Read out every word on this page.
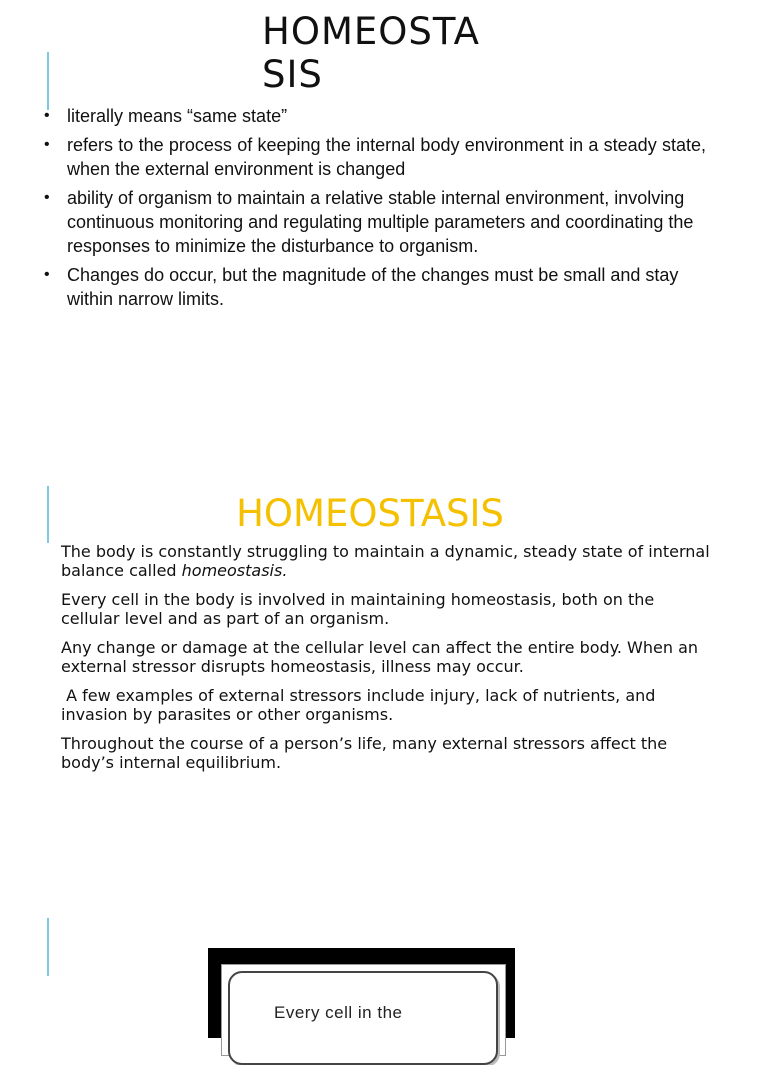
HOMEOSTASIS
• literally means “same state”
• refers to the process of keeping the internal body environment in a steady state, when the external environment is changed
• ability of organism to maintain a relative stable internal environment, involving continuous monitoring and regulating multiple parameters and coordinating the responses to minimize the disturbance to organism.
• Changes do occur, but the magnitude of the changes must be small and stay within narrow limits.
HOMEOSTASIS

The body is constantly struggling to maintain a dynamic, steady state of internal balance called homeostasis.

Every cell in the body is involved in maintaining homeostasis, both on the cellular level and as part of an organism.

Any change or damage at the cellular level can affect the entire body. When an external stressor disrupts homeostasis, illness may occur.

A few examples of external stressors include injury, lack of nutrients, and invasion by parasites or other organisms.

Throughout the course of a person’s life, many external stressors affect the body’s internal equilibrium.

Every cell in the
